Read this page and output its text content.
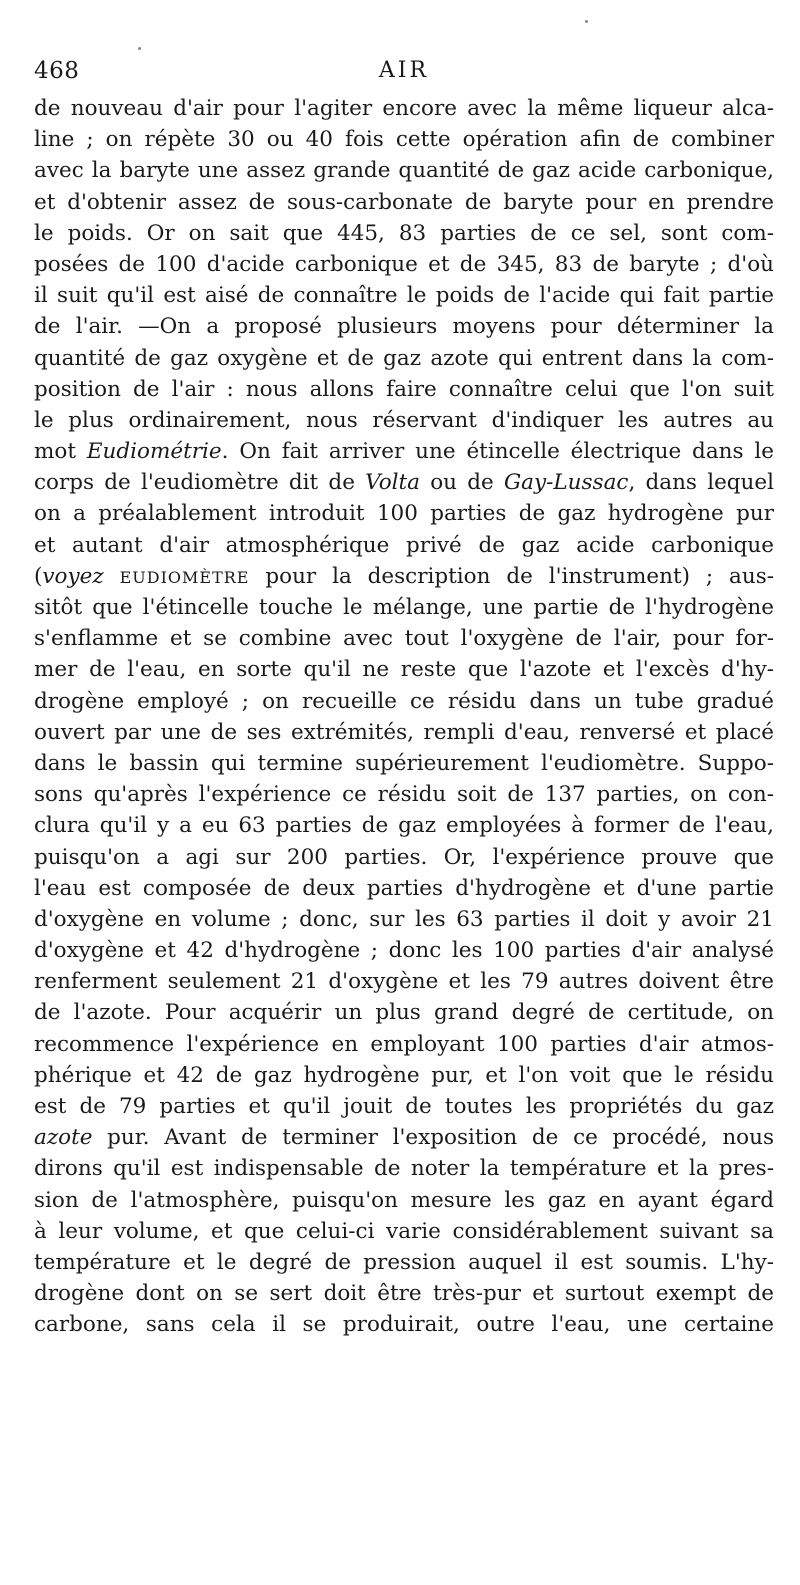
468	AIR
de nouveau d'air pour l'agiter encore avec la même liqueur alca-
line ; on répète 30 ou 40 fois cette opération afin de combiner
avec la baryte une assez grande quantité de gaz acide carbonique,
et d'obtenir assez de sous-carbonate de baryte pour en prendre
le poids. Or on sait que 445, 83 parties de ce sel, sont com-
posées de 100 d'acide carbonique et de 345, 83 de baryte ; d'où
il suit qu'il est aisé de connaître le poids de l'acide qui fait partie
de l'air. —On a proposé plusieurs moyens pour déterminer la
quantité de gaz oxygène et de gaz azote qui entrent dans la com-
position de l'air : nous allons faire connaître celui que l'on suit
le plus ordinairement, nous réservant d'indiquer les autres au
mot Eudiométrie. On fait arriver une étincelle électrique dans le
corps de l'eudiomètre dit de Volta ou de Gay-Lussac, dans lequel
on a préalablement introduit 100 parties de gaz hydrogène pur
et autant d'air atmosphérique privé de gaz acide carbonique
(voyez EUDIOMÈTRE pour la description de l'instrument) ; aus-
sitôt que l'étincelle touche le mélange, une partie de l'hydrogène
s'enflamme et se combine avec tout l'oxygène de l'air, pour for-
mer de l'eau, en sorte qu'il ne reste que l'azote et l'excès d'hy-
drogène employé ; on recueille ce résidu dans un tube gradué
ouvert par une de ses extrémités, rempli d'eau, renversé et placé
dans le bassin qui termine supérieurement l'eudiomètre. Suppo-
sons qu'après l'expérience ce résidu soit de 137 parties, on con-
clura qu'il y a eu 63 parties de gaz employées à former de l'eau,
puisqu'on a agi sur 200 parties. Or, l'expérience prouve que
l'eau est composée de deux parties d'hydrogène et d'une partie
d'oxygène en volume ; donc, sur les 63 parties il doit y avoir 21
d'oxygène et 42 d'hydrogène ; donc les 100 parties d'air analysé
renferment seulement 21 d'oxygène et les 79 autres doivent être
de l'azote. Pour acquérir un plus grand degré de certitude, on
recommence l'expérience en employant 100 parties d'air atmos-
phérique et 42 de gaz hydrogène pur, et l'on voit que le résidu
est de 79 parties et qu'il jouit de toutes les propriétés du gaz
azote pur. Avant de terminer l'exposition de ce procédé, nous
dirons qu'il est indispensable de noter la température et la pres-
sion de l'atmosphère, puisqu'on mesure les gaz en ayant égard
à leur volume, et que celui-ci varie considérablement suivant sa
température et le degré de pression auquel il est soumis. L'hy-
drogène dont on se sert doit être très-pur et surtout exempt de
carbone, sans cela il se produirait, outre l'eau, une certaine
